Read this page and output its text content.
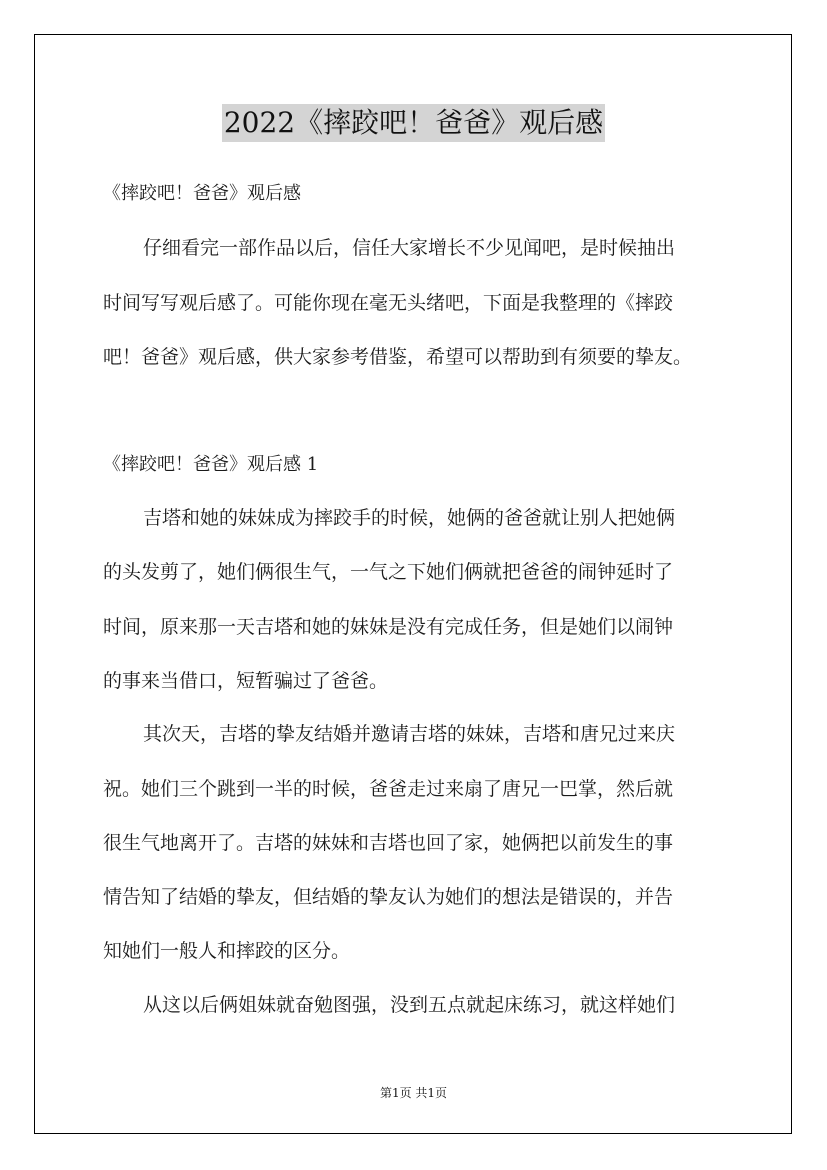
2022《摔跤吧！爸爸》观后感

《摔跤吧！爸爸》观后感

仔细看完一部作品以后，信任大家增长不少见闻吧，是时候抽出

时间写写观后感了。可能你现在毫无头绪吧，下面是我整理的《摔跤

吧！爸爸》观后感，供大家参考借鉴，希望可以帮助到有须要的挚友。

《摔跤吧！爸爸》观后感 1

吉塔和她的妹妹成为摔跤手的时候，她俩的爸爸就让别人把她俩

的头发剪了，她们俩很生气，一气之下她们俩就把爸爸的闹钟延时了

时间，原来那一天吉塔和她的妹妹是没有完成任务，但是她们以闹钟

的事来当借口，短暂骗过了爸爸。

其次天，吉塔的挚友结婚并邀请吉塔的妹妹，吉塔和唐兄过来庆

祝。她们三个跳到一半的时候，爸爸走过来扇了唐兄一巴掌，然后就

很生气地离开了。吉塔的妹妹和吉塔也回了家，她俩把以前发生的事

情告知了结婚的挚友，但结婚的挚友认为她们的想法是错误的，并告

知她们一般人和摔跤的区分。

从这以后俩姐妹就奋勉图强，没到五点就起床练习，就这样她们

第1页 共1页
